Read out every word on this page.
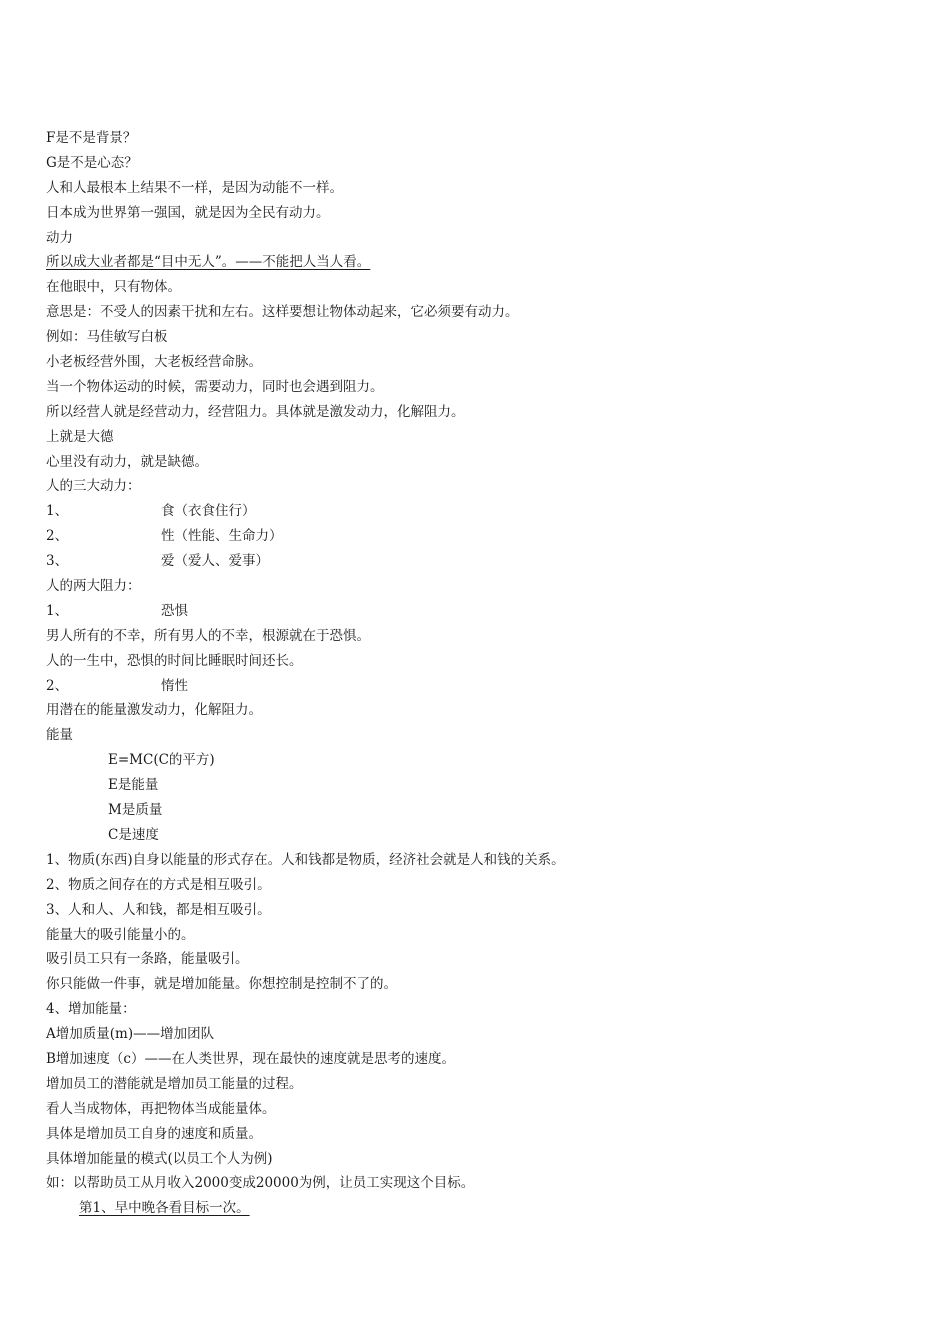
F是不是背景？
G是不是心态？
人和人最根本上结果不一样，是因为动能不一样。
日本成为世界第一强国，就是因为全民有动力。
动力
所以成大业者都是“目中无人”。——不能把人当人看。
在他眼中，只有物体。
意思是：不受人的因素干扰和左右。这样要想让物体动起来，它必须要有动力。
例如：马佳敏写白板
小老板经营外围，大老板经营命脉。
当一个物体运动的时候，需要动力，同时也会遇到阻力。
所以经营人就是经营动力，经营阻力。具体就是激发动力，化解阻力。
上就是大德
心里没有动力，就是缺德。
人的三大动力：
1、	食（衣食住行）
2、	性（性能、生命力）
3、	爱（爱人、爱事）
人的两大阻力：
1、	恐惧
男人所有的不幸，所有男人的不幸，根源就在于恐惧。
人的一生中，恐惧的时间比睡眠时间还长。
2、	惰性
用潜在的能量激发动力，化解阻力。
能量
E=MC(C的平方)
E是能量
M是质量
C是速度
1、物质(东西)自身以能量的形式存在。人和钱都是物质，经济社会就是人和钱的关系。
2、物质之间存在的方式是相互吸引。
3、人和人、人和钱，都是相互吸引。
能量大的吸引能量小的。
吸引员工只有一条路，能量吸引。
你只能做一件事，就是增加能量。你想控制是控制不了的。
4、增加能量：
A增加质量(m)——增加团队
B增加速度（c）——在人类世界，现在最快的速度就是思考的速度。
增加员工的潜能就是增加员工能量的过程。
看人当成物体，再把物体当成能量体。
具体是增加员工自身的速度和质量。
具体增加能量的模式(以员工个人为例)
如：以帮助员工从月收入2000变成20000为例，让员工实现这个目标。
第1、早中晚各看目标一次。
